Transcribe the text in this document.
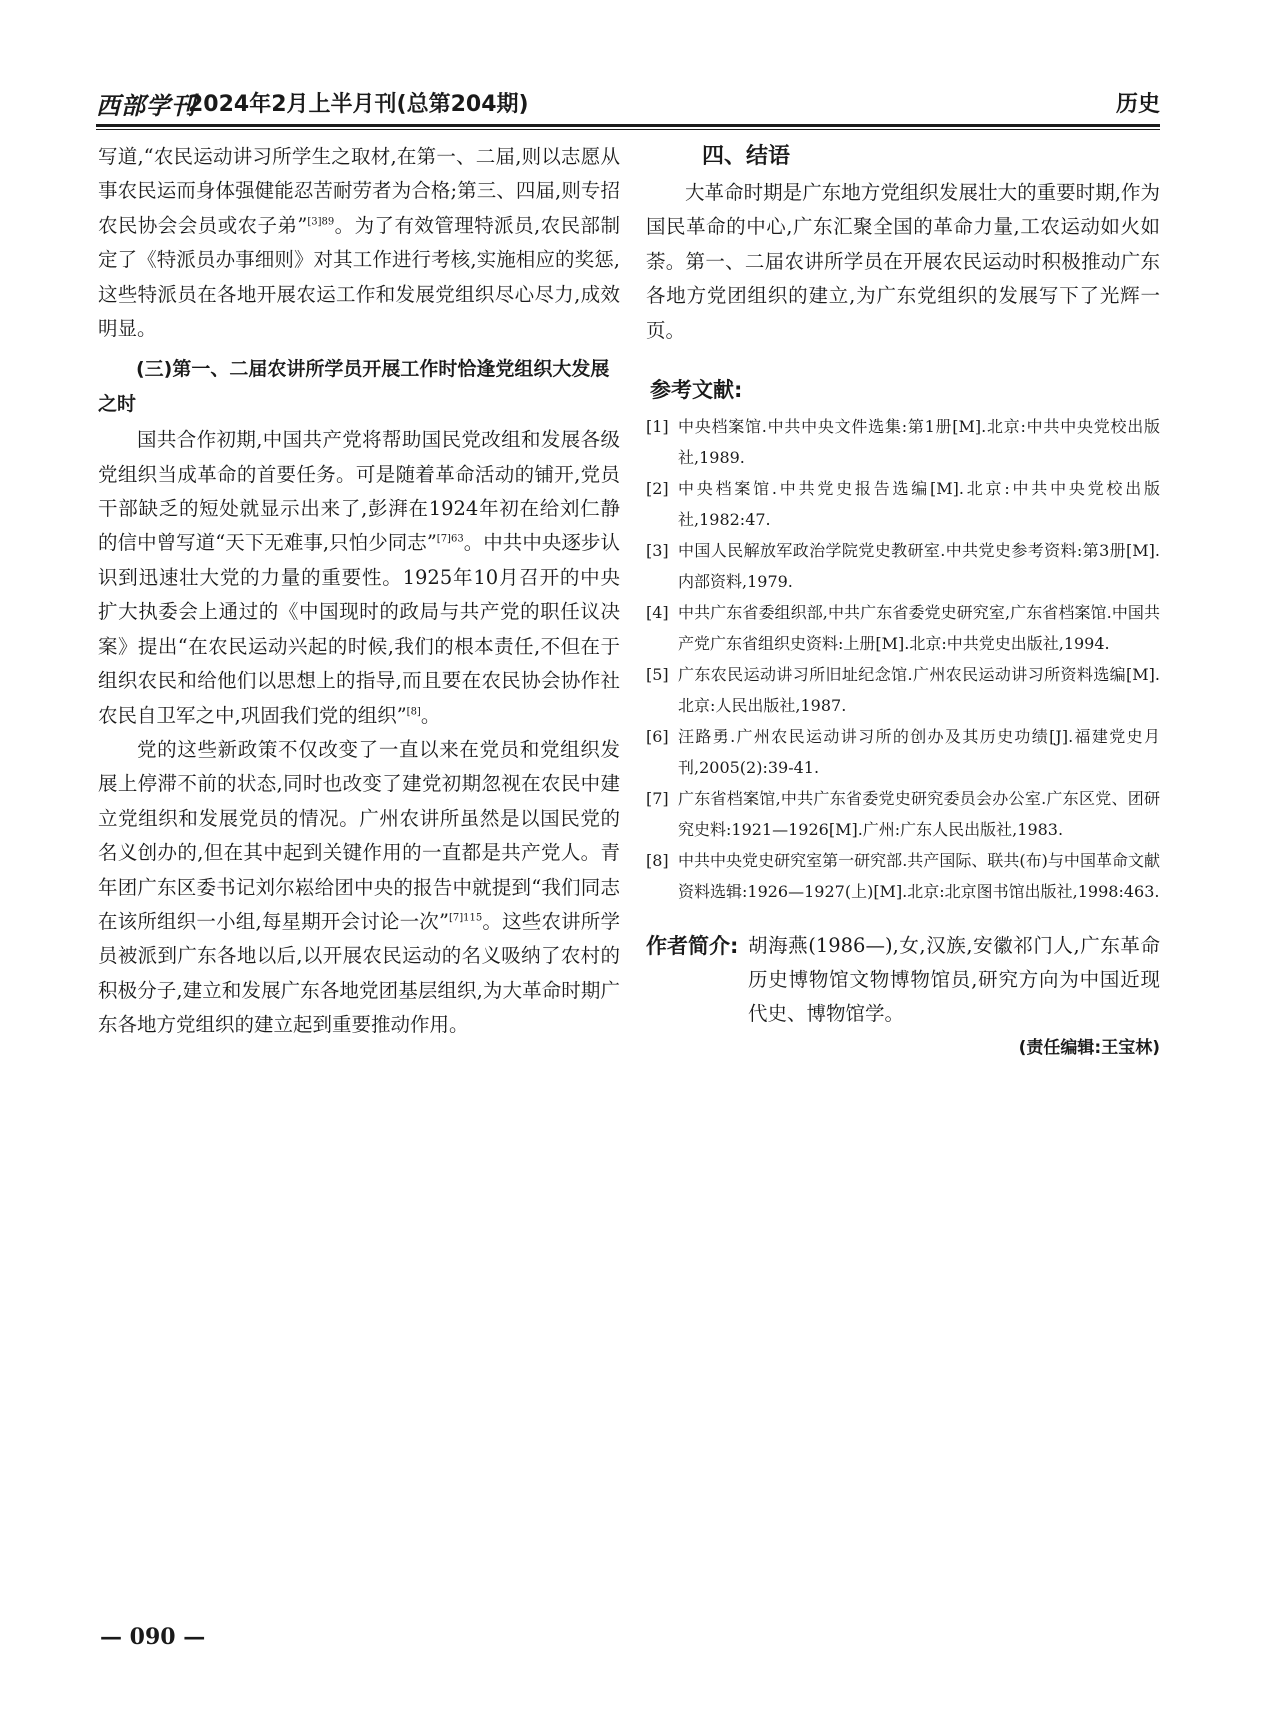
西部学刊
2024年2月上半月刊(总第204期)	历史

写道,“农民运动讲习所学生之取材,在第一、二届,则以志愿从事农民运而身体强健能忍苦耐劳者为合格;第三、四届,则专招农民协会会员或农子弟”$^{[3]89}$。为了有效管理特派员,农民部制定了《特派员办事细则》对其工作进行考核,实施相应的奖惩,这些特派员在各地开展农运工作和发展党组织尽心尽力,成效明显。

(三)第一、二届农讲所学员开展工作时恰逢党组织大发展之时

国共合作初期,中国共产党将帮助国民党改组和发展各级党组织当成革命的首要任务。可是随着革命活动的铺开,党员干部缺乏的短处就显示出来了,彭湃在1924年初在给刘仁静的信中曾写道“天下无难事,只怕少同志”$^{[7]63}$。中共中央逐步认识到迅速壮大党的力量的重要性。1925年10月召开的中央扩大执委会上通过的《中国现时的政局与共产党的职任议决案》提出“在农民运动兴起的时候,我们的根本责任,不但在于组织农民和给他们以思想上的指导,而且要在农民协会协作社农民自卫军之中,巩固我们党的组织”[8]。

党的这些新政策不仅改变了一直以来在党员和党组织发展上停滞不前的状态,同时也改变了建党初期忽视在农民中建立党组织和发展党员的情况。广州农讲所虽然是以国民党的名义创办的,但在其中起到关键作用的一直都是共产党人。青年团广东区委书记刘尔崧给团中央的报告中就提到“我们同志在该所组织一小组,每星期开会讨论一次”$^{[7]115}$。这些农讲所学员被派到广东各地以后,以开展农民运动的名义吸纳了农村的积极分子,建立和发展广东各地党团基层组织,为大革命时期广东各地方党组织的建立起到重要推动作用。

四、结语

大革命时期是广东地方党组织发展壮大的重要时期,作为国民革命的中心,广东汇聚全国的革命力量,工农运动如火如荼。第一、二届农讲所学员在开展农民运动时积极推动广东各地方党团组织的建立,为广东党组织的发展写下了光辉一页。

参考文献:
[1] 中央档案馆.中共中央文件选集:第1册[M].北京:中共中央党校出版社,1989.
[2] 中央档案馆.中共党史报告选编[M].北京:中共中央党校出版社,1982:47.
[3] 中国人民解放军政治学院党史教研室.中共党史参考资料:第3册[M].内部资料,1979.
[4] 中共广东省委组织部,中共广东省委党史研究室,广东省档案馆.中国共产党广东省组织史资料:上册[M].北京:中共党史出版社,1994.
[5] 广东农民运动讲习所旧址纪念馆.广州农民运动讲习所资料选编[M].北京:人民出版社,1987.
[6] 汪路勇.广州农民运动讲习所的创办及其历史功绩[J].福建党史月刊,2005(2):39-41.
[7] 广东省档案馆,中共广东省委党史研究委员会办公室.广东区党、团研究史料:1921—1926[M].广州:广东人民出版社,1983.
[8] 中共中央党史研究室第一研究部.共产国际、联共(布)与中国革命文献资料选辑:1926—1927(上)[M].北京:北京图书馆出版社,1998:463.
作者简介: 胡海燕(1986—),女,汉族,安徽祁门人,广东革命历史博物馆文物博物馆员,研究方向为中国近现代史、博物馆学。
(责任编辑:王宝林)
— 090 —
